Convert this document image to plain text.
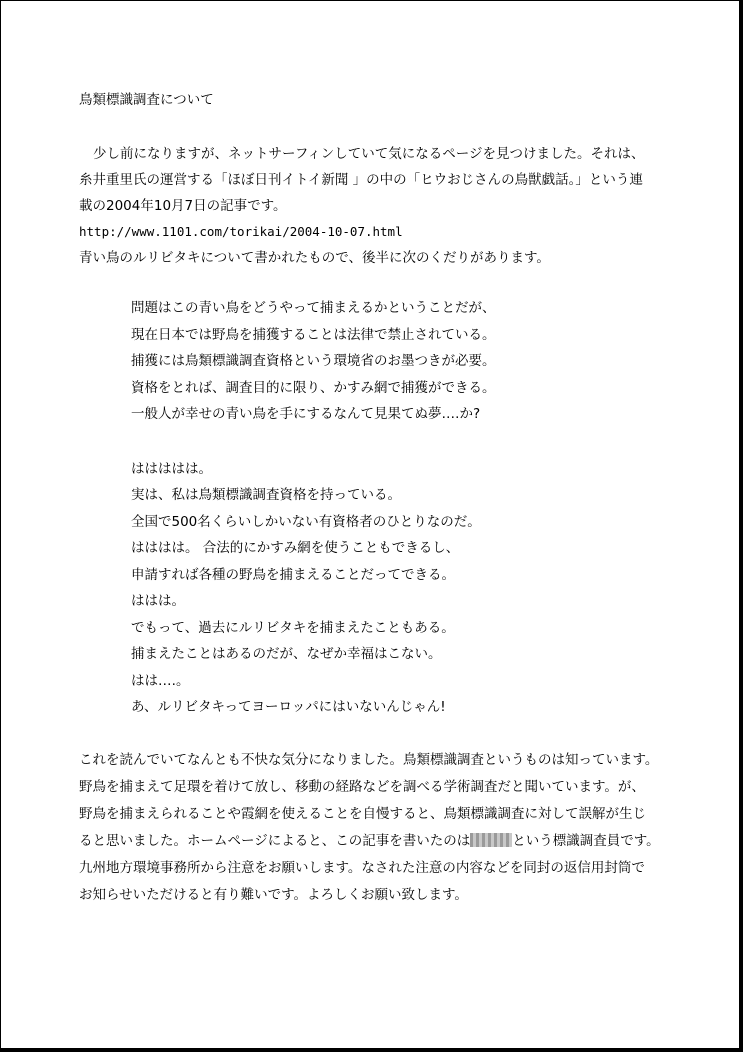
鳥類標識調査について

少し前になりますが、ネットサーフィンしていて気になるページを見つけました。それは、

糸井重里氏の運営する「ほぼ日刊イトイ新聞 」の中の「ヒウおじさんの鳥獣戯話。」という連

載の2004年10月7日の記事です。

http://www.1101.com/torikai/2004-10-07.html

青い鳥のルリビタキについて書かれたもので、後半に次のくだりがあります。

問題はこの青い鳥をどうやって捕まえるかということだが、

現在日本では野鳥を捕獲することは法律で禁止されている。

捕獲には鳥類標識調査資格という環境省のお墨つきが必要。

資格をとれば、調査目的に限り、かすみ網で捕獲ができる。

一般人が幸せの青い鳥を手にするなんて見果てぬ夢‥‥か?

ははははは。

実は、私は鳥類標識調査資格を持っている。

全国で500名くらいしかいない有資格者のひとりなのだ。

はははは。 合法的にかすみ網を使うこともできるし、

申請すれば各種の野鳥を捕まえることだってできる。

ははは。

でもって、過去にルリビタキを捕まえたこともある。

捕まえたことはあるのだが、なぜか幸福はこない。

はは‥‥。

あ、ルリビタキってヨーロッパにはいないんじゃん!

これを読んでいてなんとも不快な気分になりました。鳥類標識調査というものは知っています。

野鳥を捕まえて足環を着けて放し、移動の経路などを調べる学術調査だと聞いています。が、

野鳥を捕まえられることや霞網を使えることを自慢すると、鳥類標識調査に対して誤解が生じ

ると思いました。ホームページによると、この記事を書いたのは	という標識調査員です。

九州地方環境事務所から注意をお願いします。なされた注意の内容などを同封の返信用封筒で

お知らせいただけると有り難いです。よろしくお願い致します。
